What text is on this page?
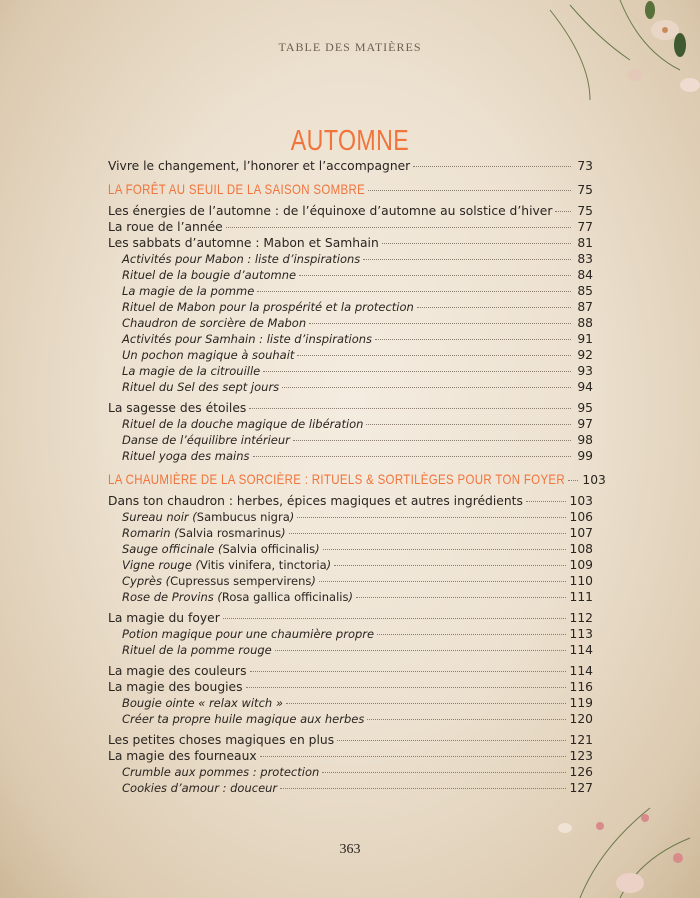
TABLE DES MATIÈRES
AUTOMNE
Vivre le changement, l’honorer et l’accompagner	73
LA FORÊT AU SEUIL DE LA SAISON SOMBRE	75
Les énergies de l’automne : de l’équinoxe d’automne au solstice d’hiver 75
La roue de l’année	77
Les sabbats d’automne : Mabon et Samhain	81
Activités pour Mabon : liste d’inspirations	83
Rituel de la bougie d’automne	84
La magie de la pomme	85
Rituel de Mabon pour la prospérité et la protection	87
Chaudron de sorcière de Mabon	88
Activités pour Samhain : liste d’inspirations	91
Un pochon magique à souhait	92
La magie de la citrouille	93
Rituel du Sel des sept jours	94
La sagesse des étoiles	95
Rituel de la douche magique de libération	97
Danse de l’équilibre intérieur	98
Rituel yoga des mains	99
LA CHAUMIÈRE DE LA SORCIÈRE : RITUELS & SORTILÈGES POUR TON FOYER 103
Dans ton chaudron : herbes, épices magiques et autres ingrédients	103
Sureau noir (Sambucus nigra)	106
Romarin (Salvia rosmarinus)	107
Sauge officinale (Salvia officinalis)	108
Vigne rouge (Vitis vinifera, tinctoria)	109
Cyprès (Cupressus sempervirens)	110
Rose de Provins (Rosa gallica officinalis)	111
La magie du foyer	112
Potion magique pour une chaumière propre	113
Rituel de la pomme rouge	114
La magie des couleurs	114
La magie des bougies	116
Bougie ointe « relax witch »	119
Créer ta propre huile magique aux herbes	120
Les petites choses magiques en plus	121
La magie des fourneaux	123
Crumble aux pommes : protection	126
Cookies d’amour : douceur	127
363
